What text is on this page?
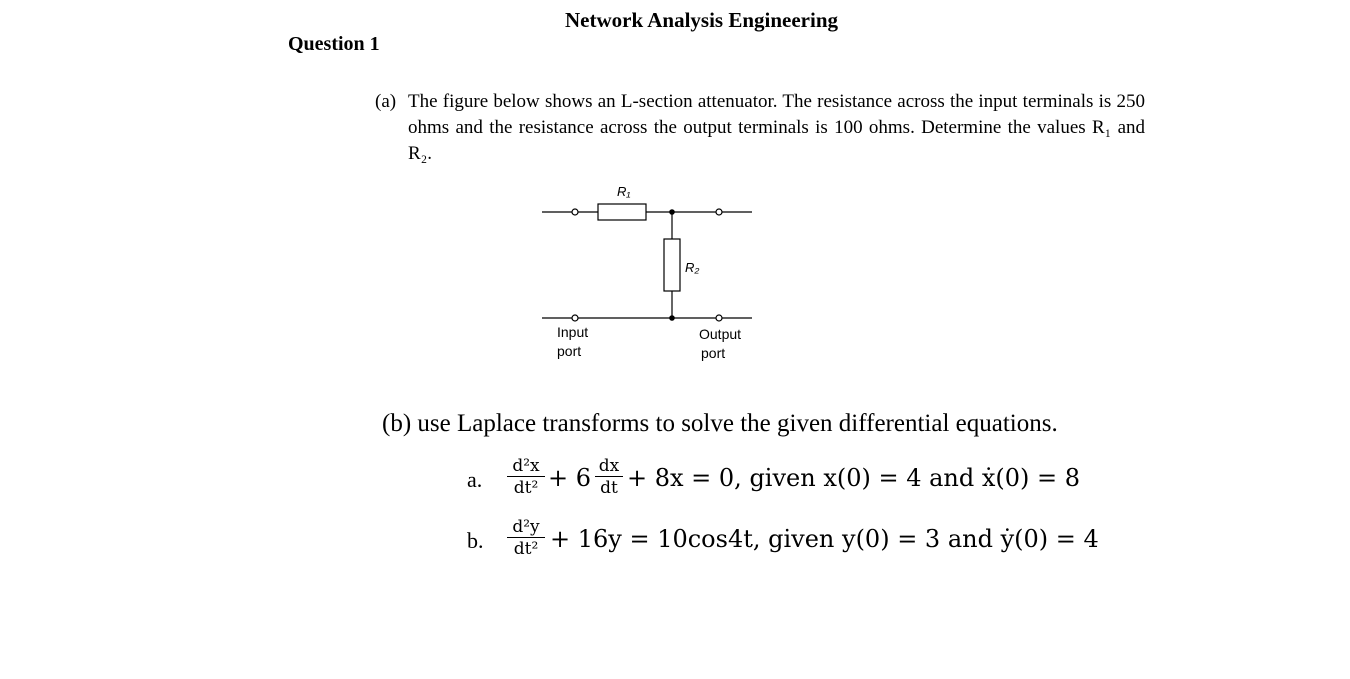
Network Analysis Engineering
Question 1
(a) The figure below shows an L-section attenuator. The resistance across the input terminals is 250 ohms and the resistance across the output terminals is 100 ohms. Determine the values R₁ and R₂.
R₁
R₂
Input
port
Output
port
(b) use Laplace transforms to solve the given differential equations.
a.
d²x
dt² + 6 dx
dt + 8x = 0, given x(0) = 4 and ẋ(0) = 8
b.
d²y
dt² + 16y = 10cos4t, given y(0) = 3 and ẏ(0) = 4
